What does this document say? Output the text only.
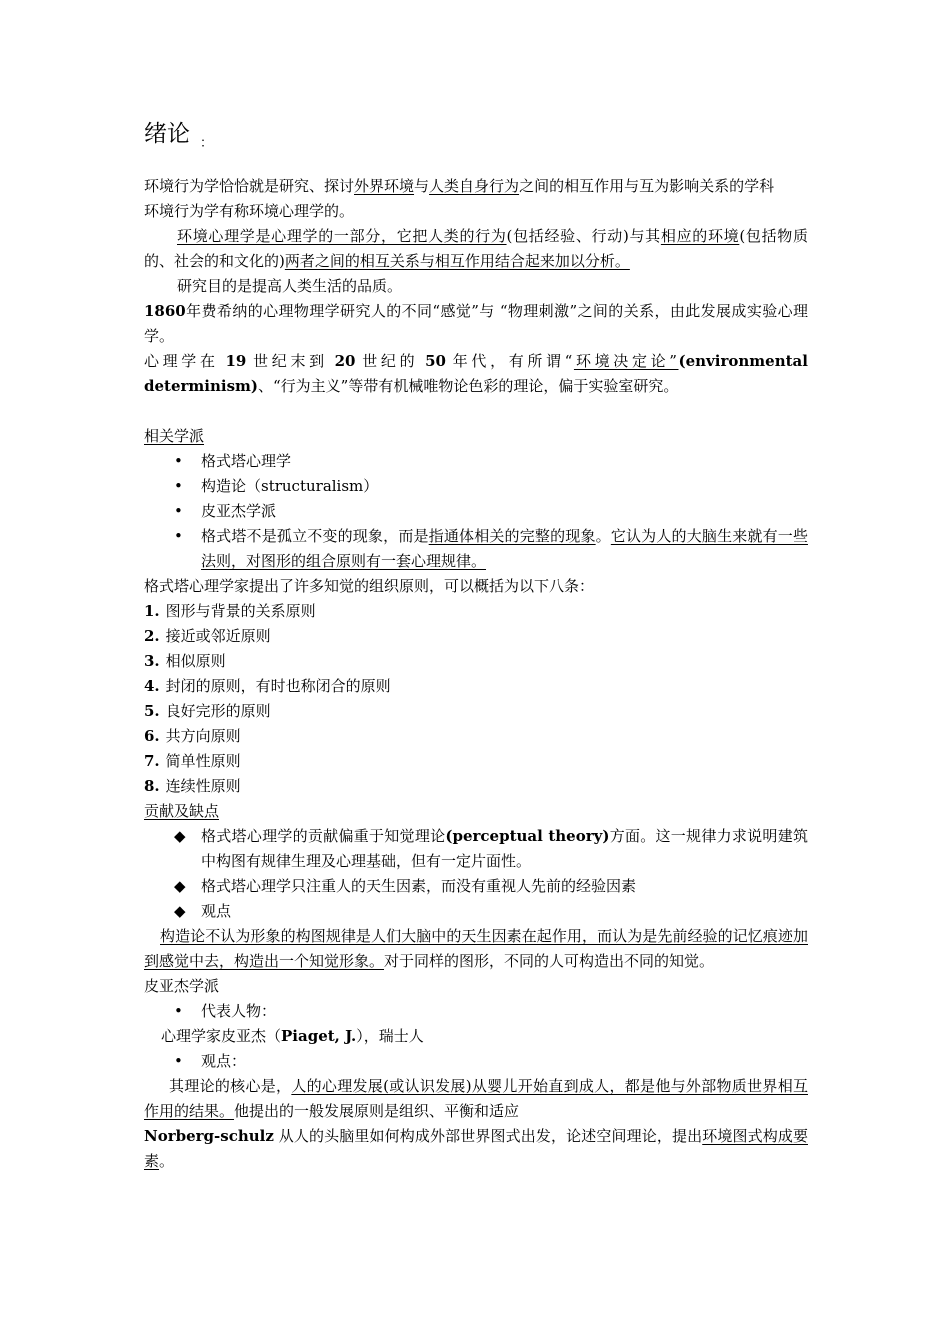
绪论 $_:$

环境行为学恰恰就是研究、探讨外界环境与人类自身行为之间的相互作用与互为影响关系的学科

环境行为学有称环境心理学的。

环境心理学是心理学的一部分，它把人类的行为(包括经验、行动)与其相应的环境(包括物质的、社会的和文化的)两者之间的相互关系与相互作用结合起来加以分析。

研究目的是提高人类生活的品质。

1860年费希纳的心理物理学研究人的不同“感觉”与 “物理刺激”之间的关系，由此发展成实验心理学。

心理学在 19 世纪末到 20 世纪的 50 年代，有所谓“环境决定论”(environmental determinism)、“行为主义”等带有机械唯物论色彩的理论，偏于实验室研究。

相关学派

• 格式塔心理学
• 构造论（structuralism）
• 皮亚杰学派
• 格式塔不是孤立不变的现象，而是指通体相关的完整的现象。它认为人的大脑生来就有一些法则，对图形的组合原则有一套心理规律。

格式塔心理学家提出了许多知觉的组织原则，可以概括为以下八条：

1. 图形与背景的关系原则
2. 接近或邻近原则
3. 相似原则
4. 封闭的原则，有时也称闭合的原则
5. 良好完形的原则
6. 共方向原则
7. 简单性原则
8. 连续性原则

贡献及缺点

◆ 格式塔心理学的贡献偏重于知觉理论(perceptual theory)方面。这一规律力求说明建筑中构图有规律生理及心理基础，但有一定片面性。
◆ 格式塔心理学只注重人的天生因素，而没有重视人先前的经验因素
◆ 观点

构造论不认为形象的构图规律是人们大脑中的天生因素在起作用，而认为是先前经验的记忆痕迹加到感觉中去，构造出一个知觉形象。对于同样的图形，不同的人可构造出不同的知觉。

皮亚杰学派

• 代表人物：
心理学家皮亚杰（Piaget, J.），瑞士人
• 观点：

其理论的核心是，人的心理发展(或认识发展)从婴儿开始直到成人，都是他与外部物质世界相互作用的结果。他提出的一般发展原则是组织、平衡和适应

Norberg-schulz 从人的头脑里如何构成外部世界图式出发，论述空间理论，提出环境图式构成要素。
